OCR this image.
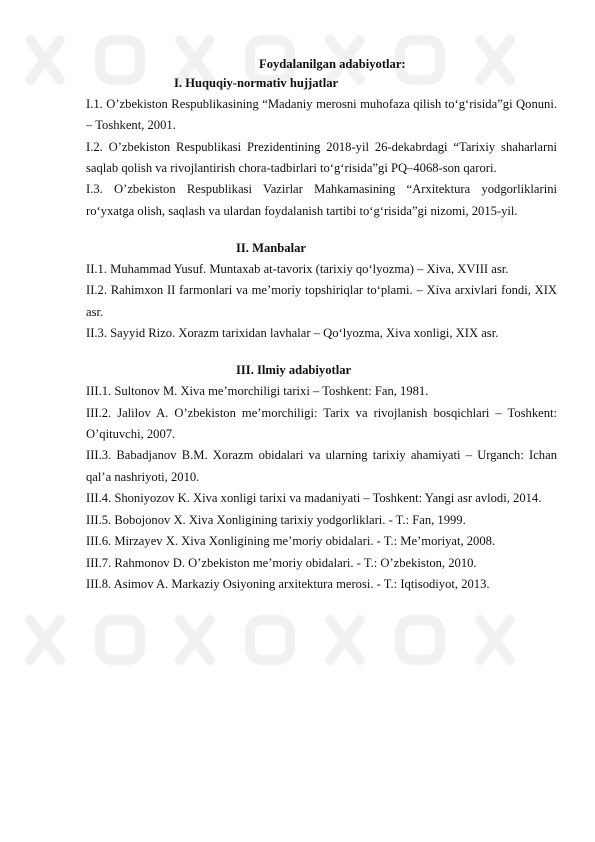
Foydalanilgan adabiyotlar:
I. Huquqiy-normativ hujjatlar

I.1. O’zbekiston Respublikasining “Madaniy merosni muhofaza qilish to‘g‘risida”gi Qonuni. – Toshkent, 2001.

I.2. O’zbekiston Respublikasi Prezidentining 2018-yil 26-dekabrdagi “Tarixiy shaharlarni saqlab qolish va rivojlantirish chora-tadbirlari to‘g‘risida”gi PQ–4068-son qarori.

I.3. O’zbekiston Respublikasi Vazirlar Mahkamasining “Arxitektura yodgorliklarini ro‘yxatga olish, saqlash va ulardan foydalanish tartibi to‘g‘risida”gi nizomi, 2015-yil.

II. Manbalar

II.1. Muhammad Yusuf. Muntaxab at-tavorix (tarixiy qo‘lyozma) – Xiva, XVIII asr.

II.2. Rahimxon II farmonlari va me’moriy topshiriqlar to‘plami. – Xiva arxivlari fondi, XIX asr.

II.3. Sayyid Rizo. Xorazm tarixidan lavhalar – Qo‘lyozma, Xiva xonligi, XIX asr.

III. Ilmiy adabiyotlar

III.1. Sultonov M. Xiva me’morchiligi tarixi – Toshkent: Fan, 1981.

III.2. Jalilov A. O’zbekiston me’morchiligi: Tarix va rivojlanish bosqichlari – Toshkent: O’qituvchi, 2007.

III.3. Babadjanov B.M. Xorazm obidalari va ularning tarixiy ahamiyati – Urganch: Ichan qal’a nashriyoti, 2010.

III.4. Shoniyozov K. Xiva xonligi tarixi va madaniyati – Toshkent: Yangi asr avlodi, 2014.

III.5. Bobojonov X. Xiva Xonligining tarixiy yodgorliklari. - T.: Fan, 1999.

III.6. Mirzayev X. Xiva Xonligining me’moriy obidalari. - T.: Me’moriyat, 2008.

III.7. Rahmonov D. O’zbekiston me’moriy obidalari. - T.: O’zbekiston, 2010.

III.8. Asimov A. Markaziy Osiyoning arxitektura merosi. - T.: Iqtisodiyot, 2013.
